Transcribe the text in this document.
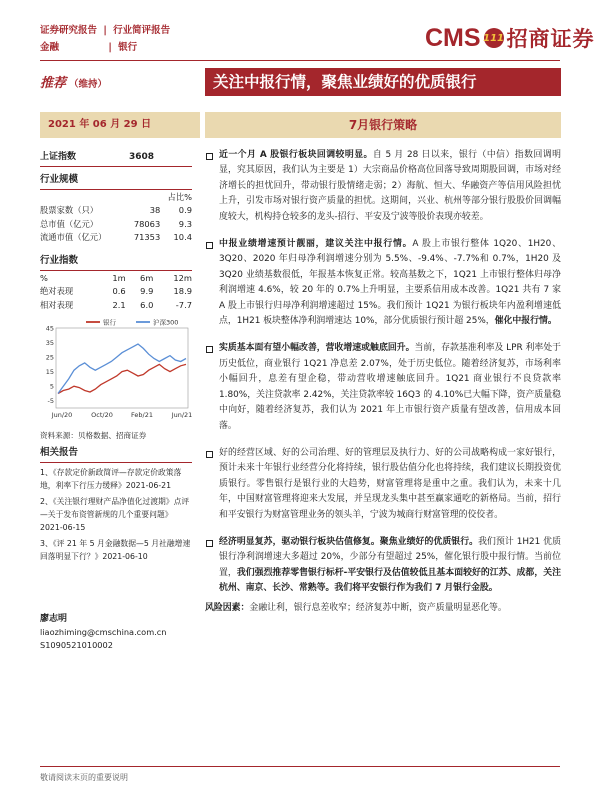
证券研究报告 | 行业简评报告
金融	| 银行	CMS 111 招商证券
推荐 （维持）	关注中报行情，聚焦业绩好的优质银行
2021 年 06 月 29 日	7月银行策略
上证指数	3608
行业规模
		占比%
股票家数（只）	38	0.9
总市值（亿元）	78063	9.3
流通市值（亿元）	71353	10.4
行业指数
%	1m	6m	12m
绝对表现	0.6	9.9	18.9
相对表现	2.1	6.0	-7.7
45
35
25
15
5
-5
Jun/20	Oct/20	Feb/21	Jun/21
银行	沪深300
资料来源：贝格数据、招商证券
相关报告
1、《存款定价新政简评—存款定价政策落地，利率下行压力缓释》2021-06-21
2、《关注银行理财产品净值化过渡期》点评—关于发布资管新规的几个重要问题》2021-06-15
3、《评 21 年 5 月金融数据—5 月社融增速回落明显下行？》2021-06-10
廖志明
liaozhiming@cmschina.com.cn
S1090521010002
近一个月 A 股银行板块回调较明显。自 5 月 28 日以来，银行（中信）指数回调明显，究其原因，我们认为主要是 1）大宗商品价格高位回落导致周期股回调，市场对经济增长的担忧回升，带动银行股情绪走弱；2）海航、恒大、华融资产等信用风险担忧上升，引发市场对银行资产质量的担忧。这期间，兴业、杭州等部分银行股股价回调幅度较大，机构持仓较多的龙头-招行、平安及宁波等股价表现亦较差。
中报业绩增速预计靓丽，建议关注中报行情。A 股上市银行整体 1Q20、1H20、3Q20、2020 年归母净利润增速分别为 5.5%、-9.4%、-7.7%和 0.7%，1H20 及 3Q20 业绩基数很低，年报基本恢复正常。较高基数之下，1Q21 上市银行整体归母净利润增速 4.6%，较 20 年的 0.7%上升明显，主要系信用成本改善。1Q21 共有 7 家 A 股上市银行归母净利润增速超过 15%。我们预计 1Q21 为银行板块年内盈利增速低点，1H21 板块整体净利润增速达 10%，部分优质银行预计超 25%，催化中报行情。
实质基本面有望小幅改善，营收增速或触底回升。当前，存款基准利率及 LPR 利率处于历史低位，商业银行 1Q21 净息差 2.07%，处于历史低位。随着经济复苏，市场利率小幅回升，息差有望企稳，带动营收增速触底回升。1Q21 商业银行不良贷款率 1.80%，关注贷款率 2.42%，关注贷款率较 16Q3 的 4.10%已大幅下降，资产质量稳中向好，随着经济复苏，我们认为 2021 年上市银行资产质量有望改善，信用成本回落。
好的经营区域、好的公司治理、好的管理层及执行力、好的公司战略构成一家好银行，预计未来十年银行业经营分化将持续，银行股估值分化也将持续，我们建议长期投资优质银行。零售银行是银行业的大趋势，财富管理将是重中之重。我们认为，未来十几年，中国财富管理将迎来大发展，并呈现龙头集中甚至赢家通吃的新格局。当前，招行和平安银行为财富管理业务的领头羊，宁波为城商行财富管理的佼佼者。
经济明显复苏，驱动银行板块估值修复。聚焦业绩好的优质银行。我们预计 1H21 优质银行净利润增速大多超过 20%，少部分有望超过 25%，催化银行股中报行情。当前位置，我们强烈推荐零售银行标杆-平安银行及估值较低且基本面较好的江苏、成都，关注杭州、南京、长沙、常熟等。我们将平安银行作为我们 7 月银行金股。
风险因素：金融让利，银行息差收窄；经济复苏中断，资产质量明显恶化等。
敬请阅读末页的重要说明
